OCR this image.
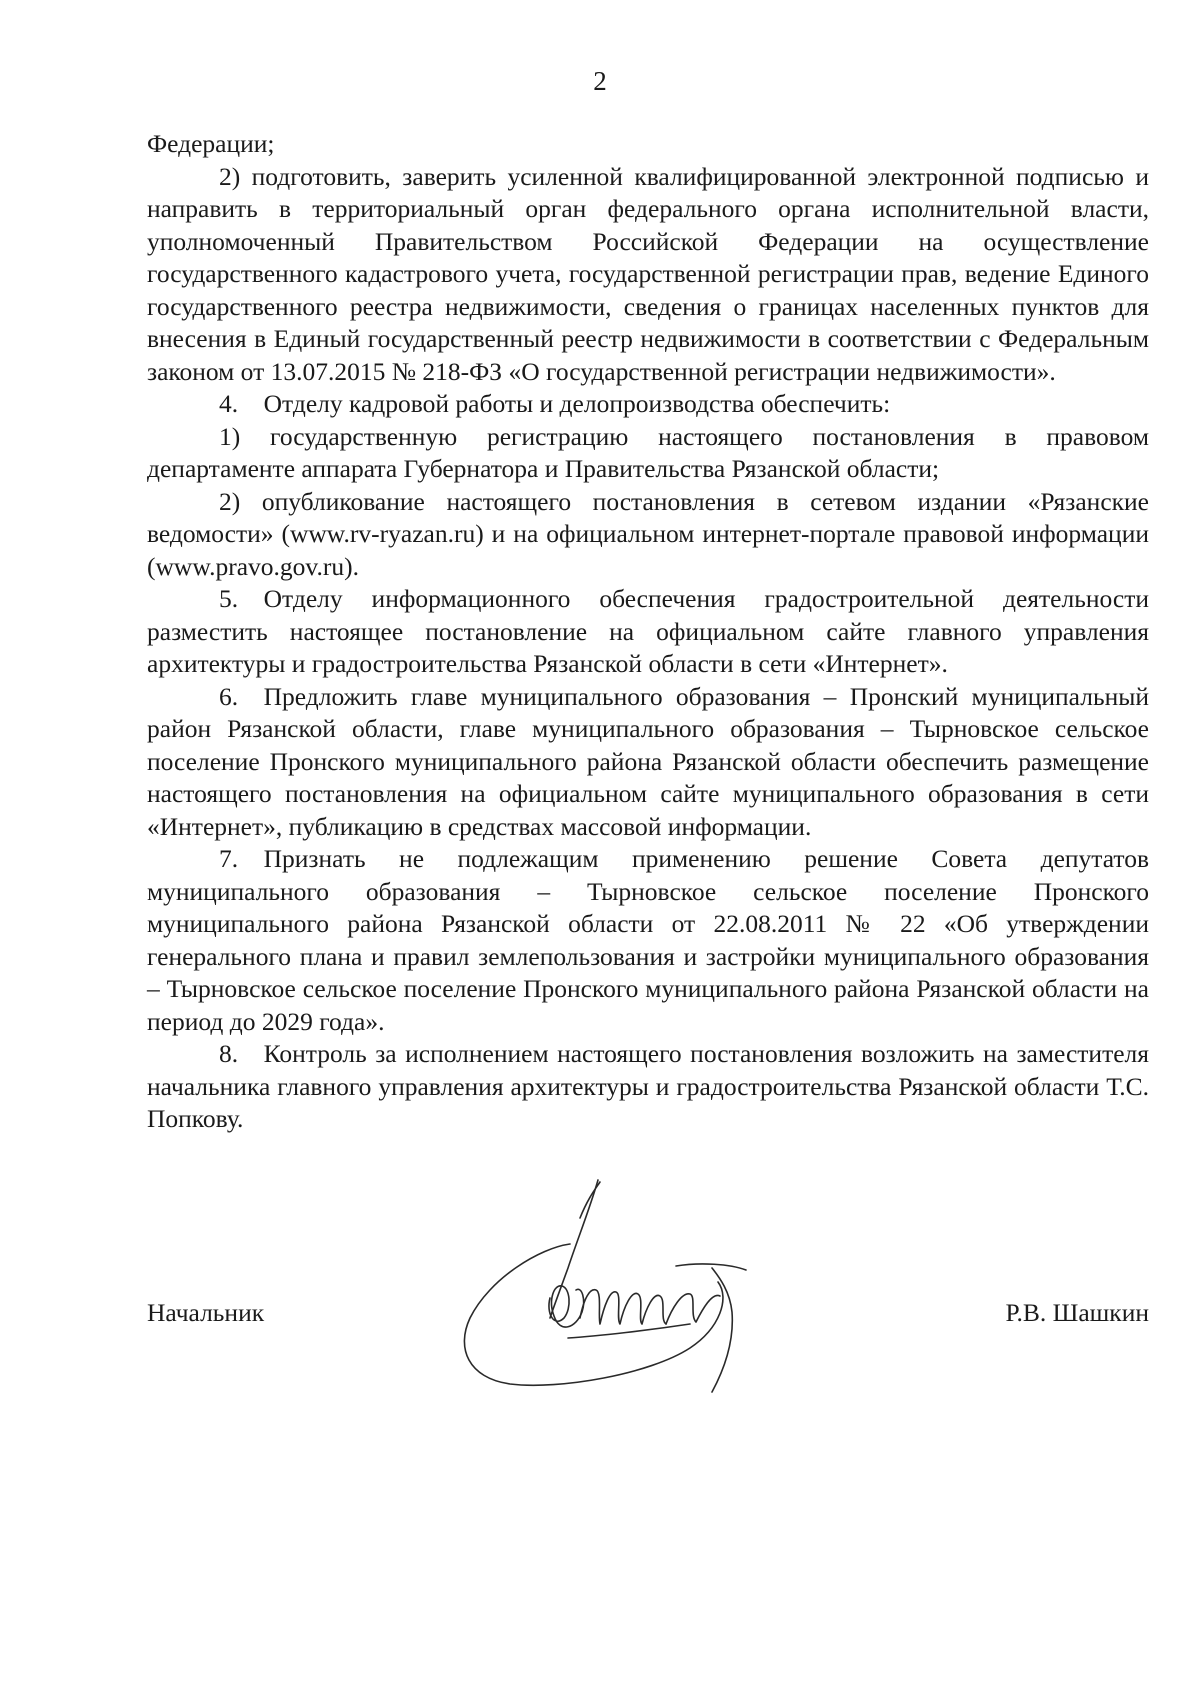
2

Федерации;

2) подготовить, заверить усиленной квалифицированной электронной подписью и направить в территориальный орган федерального органа исполнительной власти, уполномоченный Правительством Российской Федерации на осуществление государственного кадастрового учета, государственной регистрации прав, ведение Единого государственного реестра недвижимости, сведения о границах населенных пунктов для внесения в Единый государственный реестр недвижимости в соответствии с Федеральным законом от 13.07.2015 № 218-ФЗ «О государственной регистрации недвижимости».

4. Отделу кадровой работы и делопроизводства обеспечить:

1) государственную регистрацию настоящего постановления в правовом департаменте аппарата Губернатора и Правительства Рязанской области;

2) опубликование настоящего постановления в сетевом издании «Рязанские ведомости» (www.rv-ryazan.ru) и на официальном интернет-портале правовой информации (www.pravo.gov.ru).

5. Отделу информационного обеспечения градостроительной деятельности разместить настоящее постановление на официальном сайте главного управления архитектуры и градостроительства Рязанской области в сети «Интернет».

6. Предложить главе муниципального образования – Пронский муниципальный район Рязанской области, главе муниципального образования – Тырновское сельское поселение Пронского муниципального района Рязанской области обеспечить размещение настоящего постановления на официальном сайте муниципального образования в сети «Интернет», публикацию в средствах массовой информации.

7. Признать не подлежащим применению решение Совета депутатов муниципального образования – Тырновское сельское поселение Пронского муниципального района Рязанской области от 22.08.2011 № 22 «Об утверждении генерального плана и правил землепользования и застройки муниципального образования – Тырновское сельское поселение Пронского муниципального района Рязанской области на период до 2029 года».

8. Контроль за исполнением настоящего постановления возложить на заместителя начальника главного управления архитектуры и градостроительства Рязанской области Т.С. Попкову.

Начальник	Р.В. Шашкин
